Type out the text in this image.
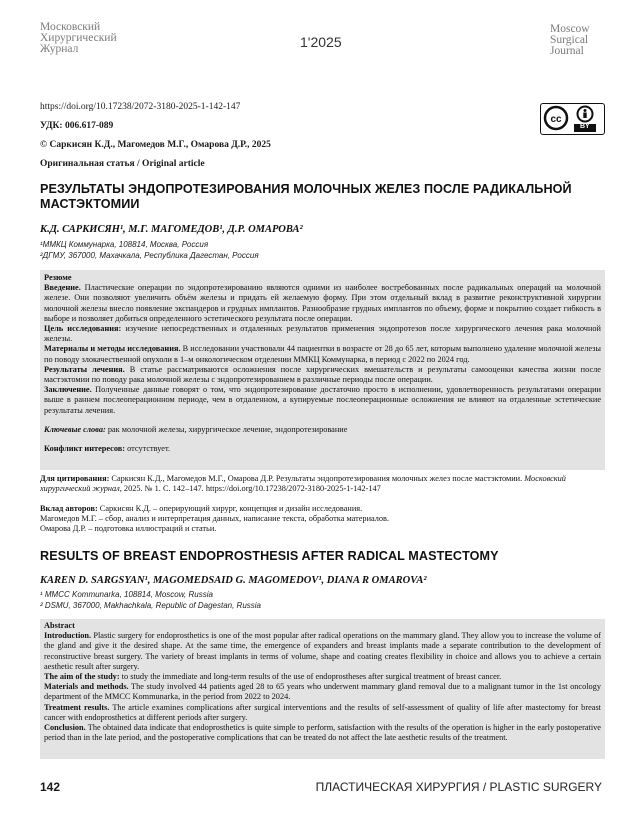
Московский
Хирургический
Журнал	1'2025
Moscow
Surgical
Journal
https://doi.org/10.17238/2072-3180-2025-1-142-147
УДК: 006.617-089
© Саркисян К.Д., Магомедов М.Г., Омарова Д.Р., 2025
Оригинальная статья / Original article
cc
BY
РЕЗУЛЬТАТЫ ЭНДОПРОТЕЗИРОВАНИЯ МОЛОЧНЫХ ЖЕЛЕЗ ПОСЛЕ РАДИКАЛЬНОЙ МАСТЭКТОМИИ
К.Д. САРКИСЯН¹, М.Г. МАГОМЕДОВ¹, Д.Р. ОМАРОВА²
¹ММКЦ Коммунарка, 108814, Москва, Россия
²ДГМУ, 367000, Махачкала, Республика Дагестан, Россия

Резюме

Введение. Пластические операции по эндопротезированию являются одними из наиболее востребованных после радикальных операций на молочной железе. Они позволяют увеличить объём железы и придать ей желаемую форму. При этом отдельный вклад в развитие реконструктивной хирургии молочной железы внесло появление экспандеров и грудных имплантов. Разнообразие грудных имплантов по объему, форме и покрытию создает гибкость в выборе и позволяет добиться определенного эстетического результата после операции.

Цель исследования: изучение непосредственных и отдаленных результатов применения эндопротезов после хирургического лечения рака молочной железы.

Материалы и методы исследования. В исследовании участвовали 44 пациентки в возрасте от 28 до 65 лет, которым выполнено удаление молочной железы по поводу злокачественной опухоли в 1–м онкологическом отделении ММКЦ Коммунарка, в период с 2022 по 2024 год.

Результаты лечения. В статье рассматриваются осложнения после хирургических вмешательств и результаты самооценки качества жизни после мастэктомии по поводу рака молочной железы с эндопротезированием в различные периоды после операции.

Заключение. Полученные данные говорят о том, что эндопротезирование достаточно просто в исполнении, удовлетворенность результатами операции выше в раннем послеоперационном периоде, чем в отдаленном, а купируемые послеоперационные осложнения не влияют на отдаленные эстетические результаты лечения.

Ключевые слова: рак молочной железы, хирургическое лечение, эндопротезирование

Конфликт интересов: отсутствует.

Для цитирования: Саркисян К.Д., Магомедов М.Г., Омарова Д.Р. Результаты эндопротезирования молочных желез после мастэктомии. Московский хирургический журнал, 2025. № 1. С. 142–147. https://doi.org/10.17238/2072-3180-2025-1-142-147

Вклад авторов: Саркисян К.Д. – оперирующий хирург, концепция и дизайн исследования.

Магомедов М.Г. – сбор, анализ и интерпретация данных, написание текста, обработка материалов.

Омарова Д.Р. – подготовка иллюстраций и статьи.

RESULTS OF BREAST ENDOPROSTHESIS AFTER RADICAL MASTECTOMY
KAREN D. SARGSYAN¹, MAGOMEDSAID G. MAGOMEDOV¹, DIANA R OMAROVA²
¹ MMCC Kommunarka, 108814, Moscow, Russia
² DSMU, 367000, Makhachkala, Republic of Dagestan, Russia

Abstract

Introduction. Plastic surgery for endoprosthetics is one of the most popular after radical operations on the mammary gland. They allow you to increase the volume of the gland and give it the desired shape. At the same time, the emergence of expanders and breast implants made a separate contribution to the development of reconstructive breast surgery. The variety of breast implants in terms of volume, shape and coating creates flexibility in choice and allows you to achieve a certain aesthetic result after surgery.

The aim of the study: to study the immediate and long-term results of the use of endoprostheses after surgical treatment of breast cancer.

Materials and methods. The study involved 44 patients aged 28 to 65 years who underwent mammary gland removal due to a malignant tumor in the 1st oncology department of the MMCC Kommunarka, in the period from 2022 to 2024.

Treatment results. The article examines complications after surgical interventions and the results of self-assessment of quality of life after mastectomy for breast cancer with endoprosthetics at different periods after surgery.

Conclusion. The obtained data indicate that endoprosthetics is quite simple to perform, satisfaction with the results of the operation is higher in the early postoperative period than in the late period, and the postoperative complications that can be treated do not affect the late aesthetic results of the treatment.

142	ПЛАСТИЧЕСКАЯ ХИРУРГИЯ / PLASTIC SURGERY
